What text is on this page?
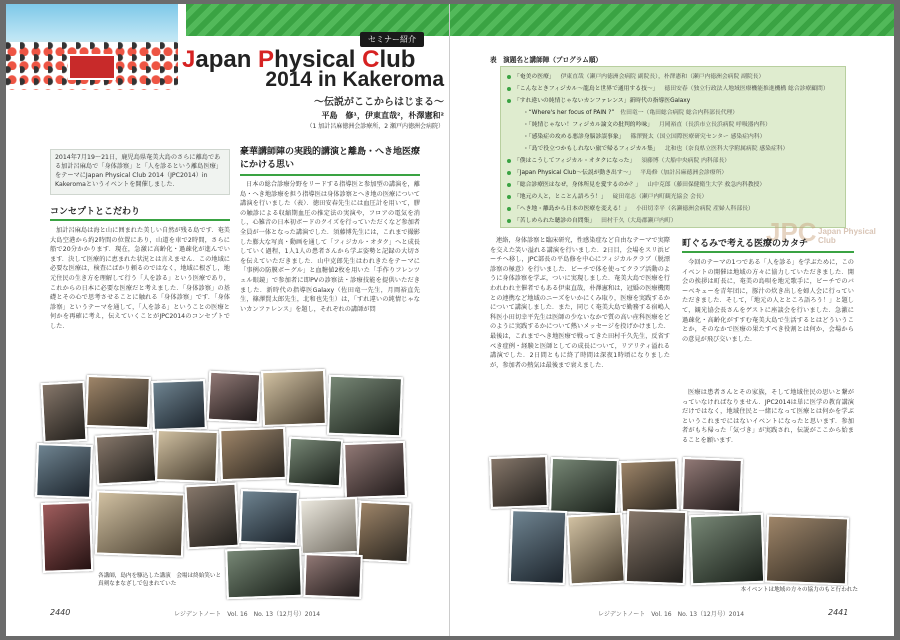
セミナー紹介
Japan Physical Club
2014 in Kakeroma
〜伝説がここからはじまる〜
平島　修¹，伊東直哉²，朴澤憲和²
（1 加計呂麻徳洲会診療所，2 瀬戸内徳洲会病院）
2014年7月19〜21日，鹿児島県奄美大島のさらに離島である加計呂麻島で「身体診察」と「人を診るという離島医療」をテーマにJapan Physical Club 2014（JPC2014）in Kakeromaというイベントを開催しました．
コンセプトとこだわり
加計呂麻島は海と山に囲まれた美しい自然が残る島です．奄美大島空港から約2時間の位置にあり，山道を車で2時間，さらに船で20分かかります．現在，急激に高齢化・過疎化が進んでいます．決して医療的に恵まれた状況とは言えません．この地域に必要な医療は，検査にばかり頼るのではなく，地域に根ざし，地元住民の生き方を理解して行う「人を診る」という医療であり，これからの日本に必要な医療だと考えました．「身体診察」の基礎とその心で思考させることに触れる「身体診察」です．「身体診察」というテーマを通して，「人を診る」ということの医療と何かを再確に考え，伝えていくことがJPC2014のコンセプトでした．
豪華講師陣の実践的講演と離島・へき地医療にかける思い
日本の総合診療分野をリードする指導医と参加型の講演を，離島・へき地診療を担う指導医は身体診察とへき地の医療について講演を行いました（表）．徳田安春先生には血圧計を用いて，膠の触診による収縮期血圧の推定法の実演や，フロアの電気を消し，心雑音の日本初ボードのクイズを行っていただくなど参加者全員が一体となった講演でした．須藤博先生には，これまで撮影した膨大な写真・動画を通して「フィジカル・オタク」へと成長していく過程，1人1人の患者さんから学ぶ姿勢と記録の大切さを伝えていただきました．山中克郎先生はわれきたをテーマに「事例の防膜ボーグル」と血糖値2枚を用いた「手作りフレンツェル眼鏡」で参加者に即PVの診察法・診療技能を提供いただきました．新時代の指導医Galaxy（佐田竜一先生，月岡裕直先生，篠澤賢太郎先生，北和也先生）は，「すれ違いの純情じゃないカンファレンス」を題し，それぞれの講師が問
各講師，島内を駆込した講演　会場は終始笑いと真剣なまなざしで包まれていた
2440	レジデントノート　Vol. 16　No. 13（12月号）2014
表　演題名と講師陣（プログラム順）
JPC Japan Physical Club
「奄美の医療」 伊東直哉（瀬戸内徳洲会病院 副院長），朴澤憲和（瀬戸内徳洲会病院 副院長）
「こんなときフィジカル〜龍鳥と世界で通用する技〜」 徳田安春（独立行政法人地域医療機能推進機構 総合診療顧問）
「すれ違いの純情じゃないカンファレンス」新時代の指導医Galaxy
・“Where's her focus of PAIN ?” 佐田竜一（亀田総合病院 総合内科部長代理）
・「純情じゃない！フィジカル論文の批判的吟味」 月岡裕直（長浜市立長浜病院 呼吸器内科）
・「感染症の攻める悪診身脳診誤事象」 篠澤賢太（国立国際医療研究センター 感染症内科）
・「島で役立つかもしれない旅で帰るフィジカル集」 北和也（奈良県立医科大学附属病院 感染症科）
「僕はこうしてフィジカル・オタクになった」 須藤博（大船中央病院 内科部長）
「Japan Physical Club〜伝説が動き出す〜」 平島修（加計呂麻徳洲会診療所）
「総合診療医はなぜ，身体所見を愛するのか？」 山中克郎（藤田保健衛生大学 救急内科教授）
「地元の人と，とことん語ろう！」 碇田竜志（瀬戸内町観光協会 会長）
「へき地・離島から日本の医療を変える！」 小田切幸平（名瀬徳洲会病院 産婦人科部長）
「苦しめられた聴診の自問集」 田村千久（大島郡瀬戸内町）
連絡，身体診察と臨床研究，性感染症など自由なテーマで実際を交えた笑い溢れる講演を行いました．2日目，会場をスリ浜ビーチへ移し，JPC部長の平島修を中心にフィジカルクラブ（脱漂診察の極意）を行いました．ビーチで体を使ってクラブ活動のように身体診察を学ぶ，ついに実現しました．奄美大島で医療を行われわれ主催者でもある伊東直哉，朴澤憲和は，冠婚の医療機関との連携など地域のニーズをいかにくみ取り，医療を実践するかについて講演しました．また，同じく奄美大島で勤務する宿嶋人科医小田切幸平先生は医師の少ないなかで質の高い産科医療をどのように実践するかについて熱いメッセージを投げかけました．最後は，これまでへき地医療で戦ってきた田村千久先生，反省すべき症例・経験と医師としての成長について，リアリティ溢れる講演でした．2日間ともに終了時間は深夜1時頃になりましたが，参加者の熱気は最後まで衰えました．
町ぐるみで考える医療のカタチ
今回のテーマの1つである「人を診る」を学ぶために，このイベントの開催は地域の方々に協力していただきました．開会の挨拶は町長に，奄美の島唄を地元歌手に，ビーチでのバーベキューを青年団に，豚汁の炊き出しを婦人会に行っていただきました．そして，「地元の人とところ語ろう！」と題して，観光協会長さんをゲストに座談会を行いました．急激に過疎化・高齢化がすすむ奄美大島で生活するとはどういうことか，そのなかで医療の果たすべき役割とは何か，会場からの意見が飛び交いました．
医療は患者さんとその家族，そして地域住民の思いと繋がっていなければなりません．JPC2014は単に医学の教育講演だけではなく，地域住民と一緒になって医療とは何かを学ぶというこれまでにはないイベントになったと思います．参加者がもち帰った「気づき」が実践され，伝説がここから始まることを願います．
本イベントは地域の方々の協力のもと行われた
レジデントノート　Vol. 16　No. 13（12月号）2014	2441
